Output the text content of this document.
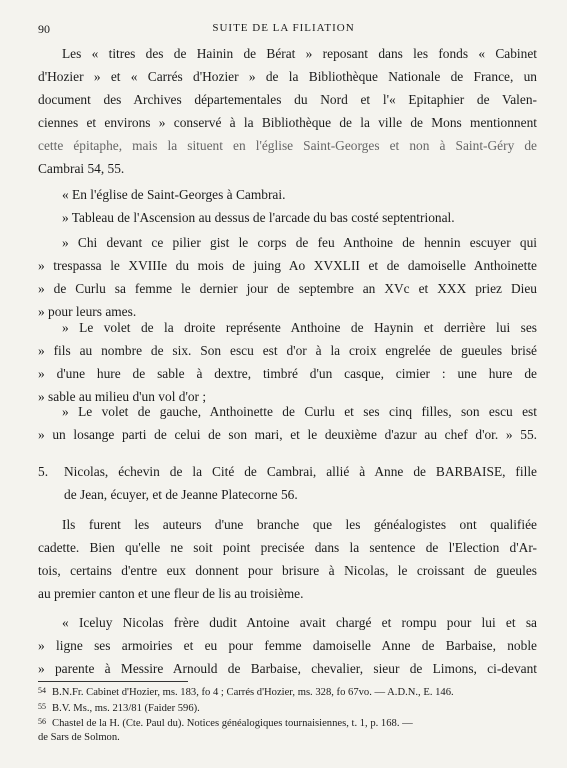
90	SUITE DE LA FILIATION
Les « titres des de Hainin de Bérat » reposant dans les fonds « Cabinet
d'Hozier » et « Carrés d'Hozier » de la Bibliothèque Nationale de France, un
document des Archives départementales du Nord et l'« Epitaphier de Valen-
ciennes et environs » conservé à la Bibliothèque de la ville de Mons mentionnent
cette épitaphe, mais la situent en l'église Saint-Georges et non à Saint-Géry de
Cambrai 54, 55.
« En l'église de Saint-Georges à Cambrai.
» Tableau de l'Ascension au dessus de l'arcade du bas costé septentrional.
» Chi devant ce pilier gist le corps de feu Anthoine de hennin escuyer qui
» trespassa le XVIIIe du mois de juing Ao XVXLII et de damoiselle Anthoinette
» de Curlu sa femme le dernier jour de septembre an XVc et XXX priez Dieu
» pour leurs ames.
» Le volet de la droite représente Anthoine de Haynin et derrière lui ses
» fils au nombre de six. Son escu est d'or à la croix engrelée de gueules brisé
» d'une hure de sable à dextre, timbré d'un casque, cimier : une hure de
» sable au milieu d'un vol d'or ;
» Le volet de gauche, Anthoinette de Curlu et ses cinq filles, son escu est
» un losange parti de celui de son mari, et le deuxième d'azur au chef d'or. » 55.
5. Nicolas, échevin de la Cité de Cambrai, allié à Anne de BARBAISE, fille
de Jean, écuyer, et de Jeanne Platecorne 56.
Ils furent les auteurs d'une branche que les généalogistes ont qualifiée
cadette. Bien qu'elle ne soit point precisée dans la sentence de l'Election d'Ar-
tois, certains d'entre eux donnent pour brisure à Nicolas, le croissant de gueules
au premier canton et une fleur de lis au troisième.
« Iceluy Nicolas frère dudit Antoine avait chargé et rompu pour lui et sa
» ligne ses armoiries et eu pour femme damoiselle Anne de Barbaise, noble
» parente à Messire Arnould de Barbaise, chevalier, sieur de Limons, ci-devant
54 B.N.Fr. Cabinet d'Hozier, ms. 183, fo 4 ; Carrés d'Hozier, ms. 328, fo 67vo. — A.D.N., E. 146.
55 B.V. Ms., ms. 213/81 (Faider 596).
56 Chastel de la H. (Cte. Paul du). Notices généalogiques tournaisiennes, t. 1, p. 168. —
de Sars de Solmon.
